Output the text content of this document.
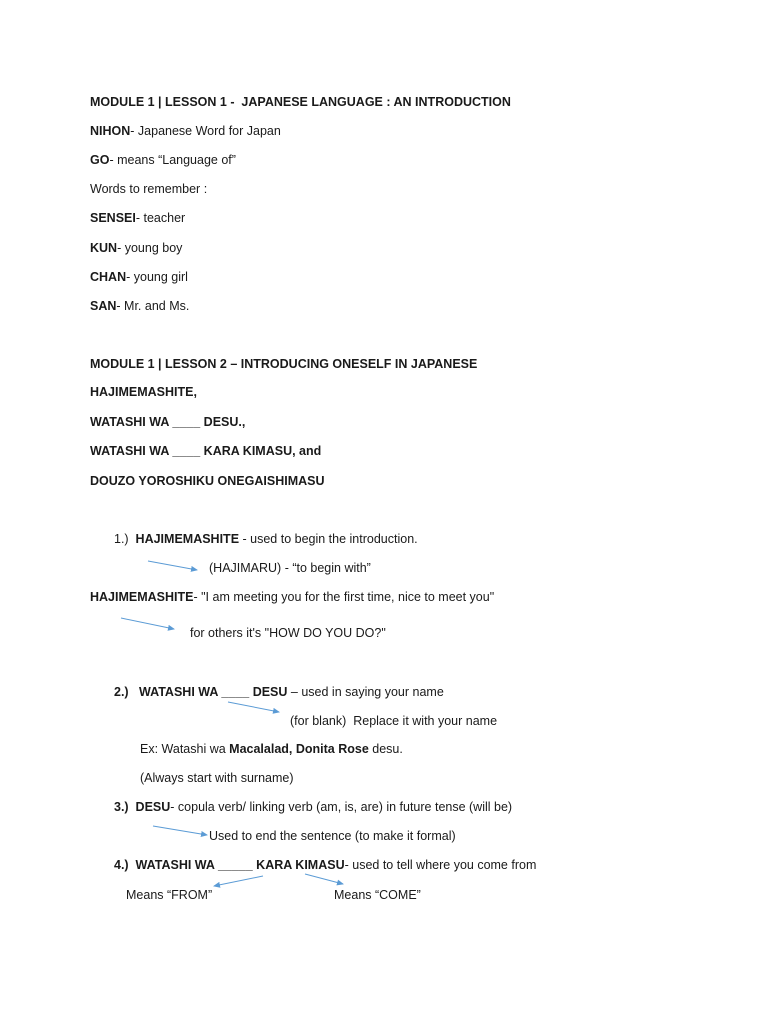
MODULE 1 | LESSON 1 -  JAPANESE LANGUAGE : AN INTRODUCTION
NIHON- Japanese Word for Japan
GO- means “Language of”
Words to remember :
SENSEI- teacher
KUN- young boy
CHAN- young girl
SAN- Mr. and Ms.
MODULE 1 | LESSON 2 – INTRODUCING ONESELF IN JAPANESE
HAJIMEMASHITE,
WATASHI WA ____ DESU.,
WATASHI WA ____ KARA KIMASU, and
DOUZO YOROSHIKU ONEGAISHIMASU
1.) HAJIMEMASHITE - used to begin the introduction.
(HAJIMARU) - “to begin with”
HAJIMEMASHITE- "I am meeting you for the first time, nice to meet you"
for others it's "HOW DO YOU DO?"
2.) WATASHI WA ____ DESU – used in saying your name
(for blank)  Replace it with your name
Ex: Watashi wa Macalalad, Donita Rose desu.
(Always start with surname)
3.) DESU- copula verb/ linking verb (am, is, are) in future tense (will be)
Used to end the sentence (to make it formal)
4.) WATASHI WA _____ KARA KIMASU- used to tell where you come from
Means “FROM”	Means “COME”
